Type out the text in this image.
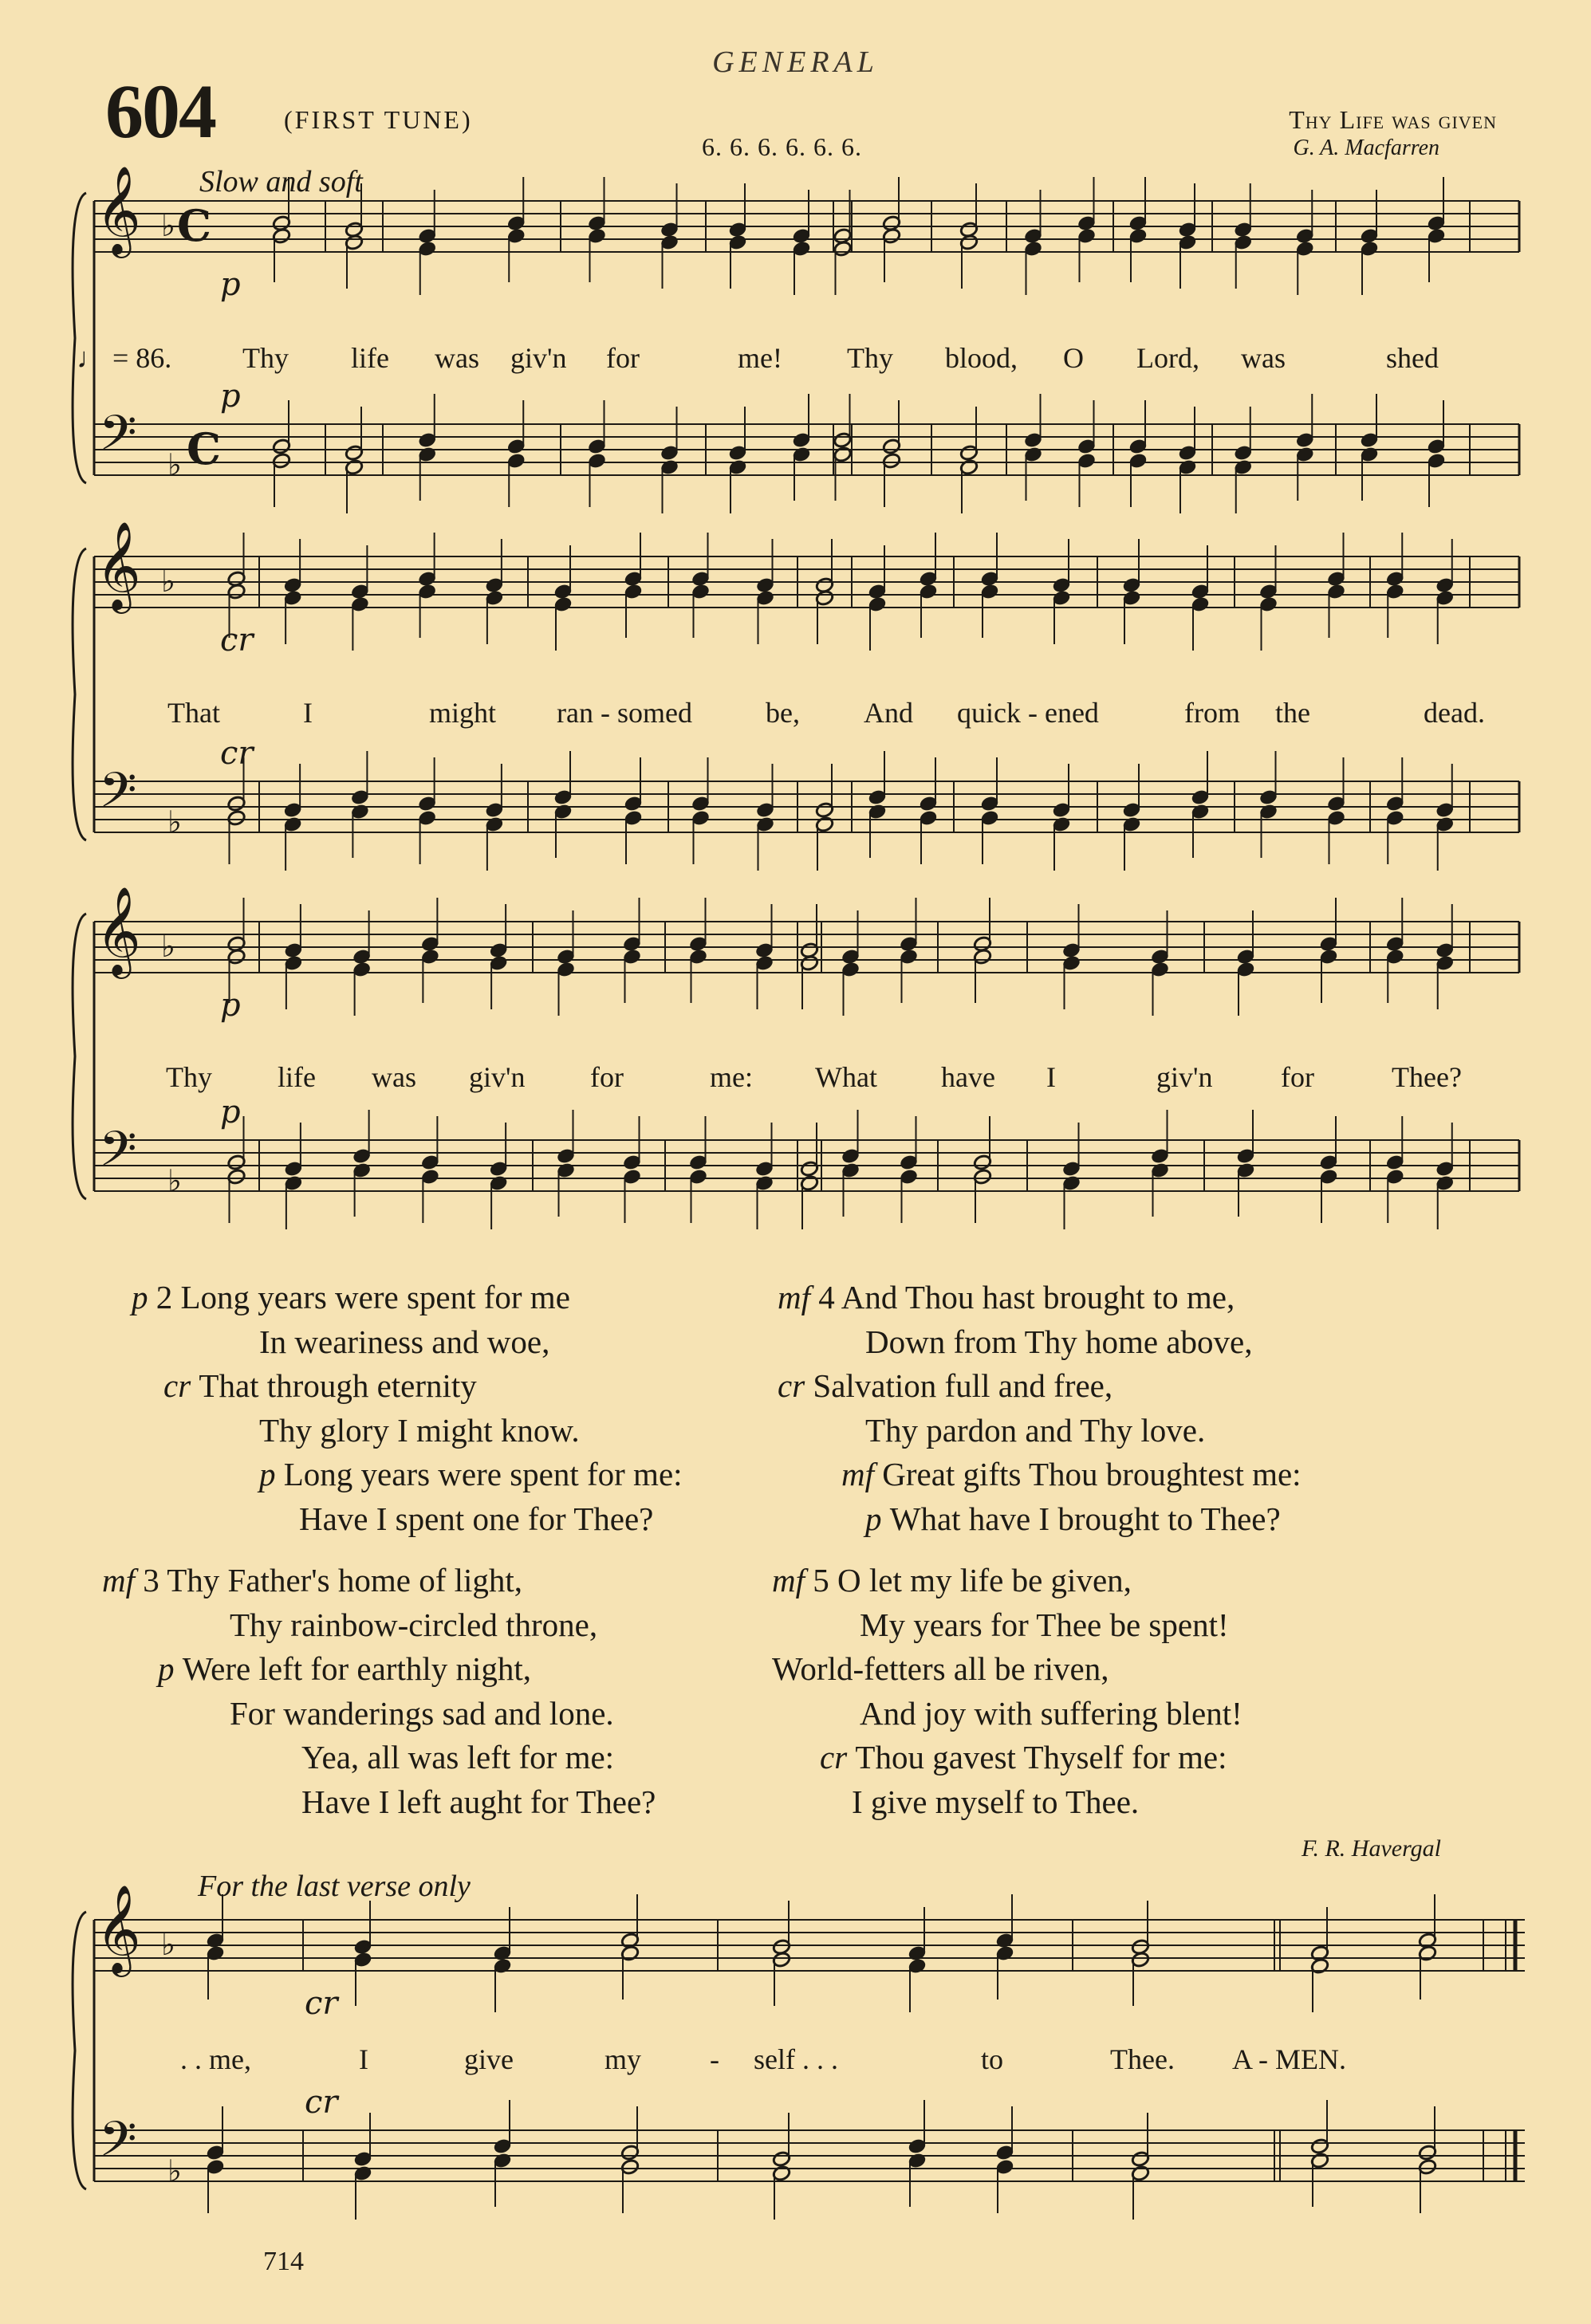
GENERAL
604	(FIRST TUNE)
6. 6. 6. 6. 6. 6.
Thy Life was given
G. A. Macfarren
Slow and soft
♩ = 86.
𝄞
𝄢
♭
♭
C
C
p
p
𝄞
𝄢
♭
♭
cr
cr
𝄞
𝄢
♭
♭
p
p
𝄞
𝄢
♭
♭
cr
cr
Thy life was giv'n for	me! Thy blood, O Lord, was	shed
That	I	might ran - somed	be, And quick - ened	from the	dead.
Thy life was giv'n for	me: What have I	giv'n for	Thee?
p 2 Long years were spent for me
In weariness and woe,
cr That through eternity
Thy glory I might know.
p Long years were spent for me:
Have I spent one for Thee?
mf 4 And Thou hast brought to me,
Down from Thy home above,
cr Salvation full and free,
Thy pardon and Thy love.
mf Great gifts Thou broughtest me:
p What have I brought to Thee?
mf 3 Thy Father's home of light,
Thy rainbow-circled throne,
p Were left for earthly night,
For wanderings sad and lone.
Yea, all was left for me:
Have I left aught for Thee?
mf 5 O let my life be given,
My years for Thee be spent!
World-fetters all be riven,
And joy with suffering blent!
cr Thou gavest Thyself for me:
I give myself to Thee.
F. R. Havergal
For the last verse only
. . me,	I	give	my - self . . .	to	Thee. A - MEN.
714
